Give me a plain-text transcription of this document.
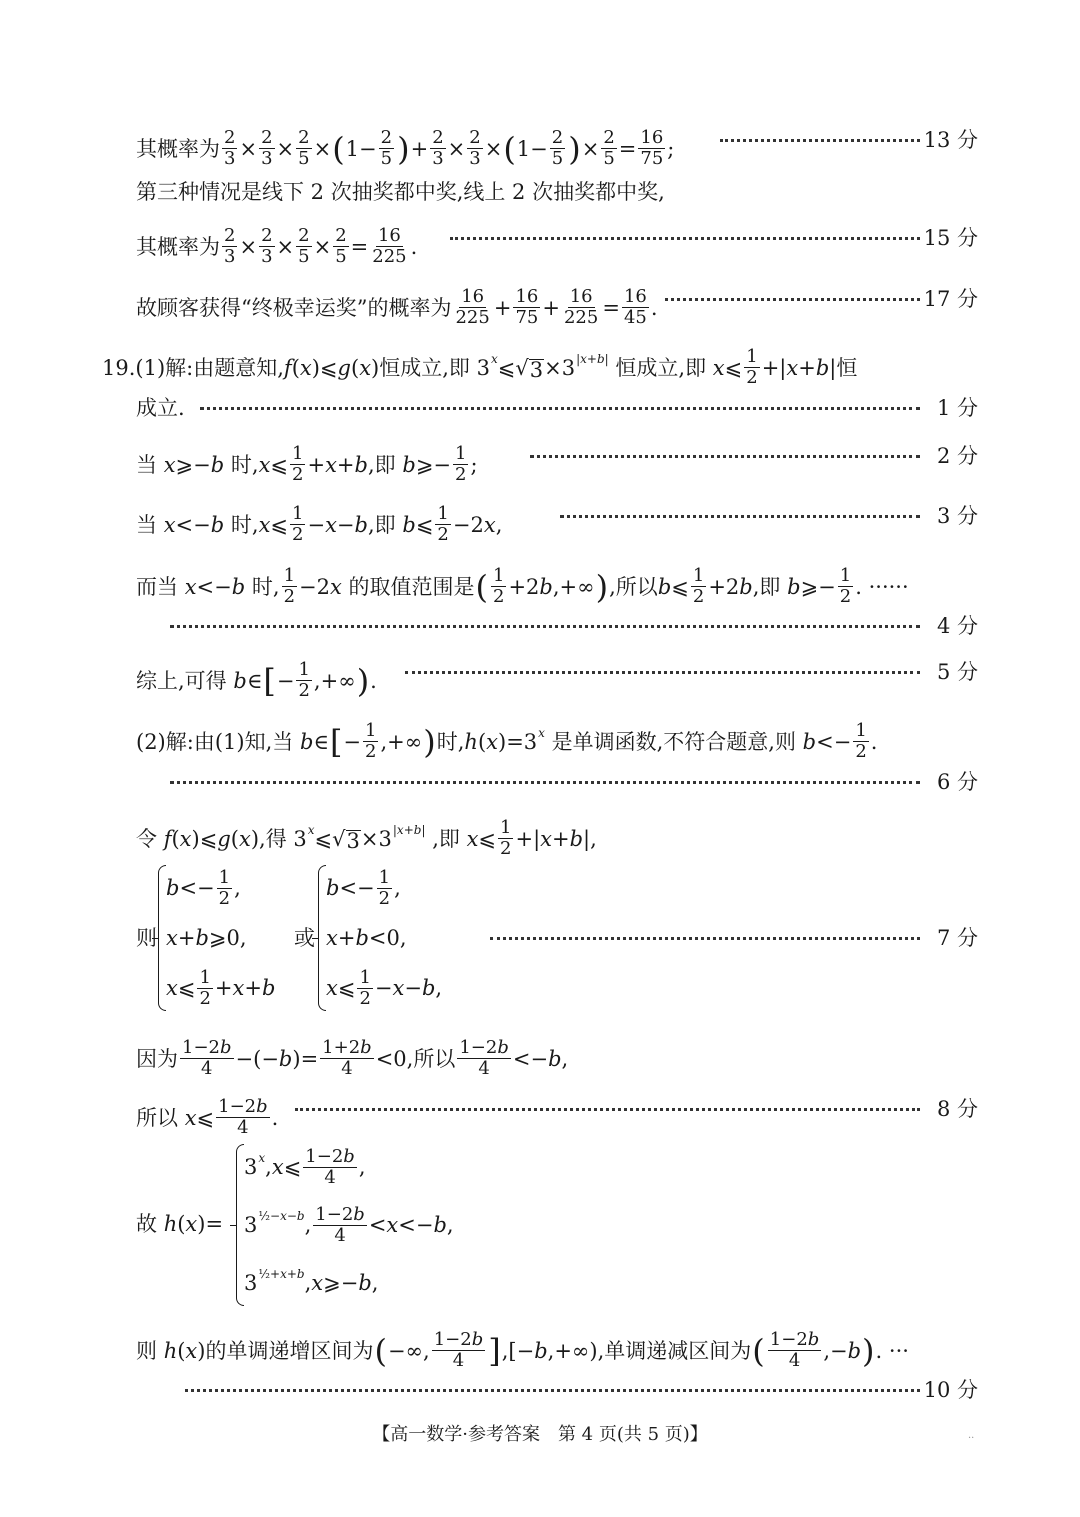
其概率为 $\frac{2}{3} \times \frac{2}{3} \times \frac{2}{5}$ × ( $1- \frac{2}{5}$ ) + $\frac{2}{3} \times \frac{2}{3}$ × ( $1- \frac{2}{5}$ ) × $\frac{2}{5} = \frac{16}{75}$ ;	13 分
第三种情况是线下 2 次抽奖都中奖,线上 2 次抽奖都中奖,
其概率为 $\frac{2}{3} \times \frac{2}{3} \times \frac{2}{5} \times \frac{2}{5} = \frac{16}{225}$ .	15 分
故顾客获得“终极幸运奖”的概率为 $\frac{16}{225} + \frac{16}{75} + \frac{16}{225} = \frac{16}{45}$ .	17 分
19. (1)解:由题意知, f ( x )⩽ g ( x ) 恒成立,即 3 x ⩽ √ 3 ×3 |x+b|
恒成立,即
x ⩽ $\frac{1}{2}$ +| x + b | 恒
成立.	1 分
当
x ⩾− b
时, x ⩽ $\frac{1}{2} + x + b$ ,即
b ⩾− $\frac{1}{2}$ ;	2 分
当
x <− b
时, x ⩽ $\frac{1}{2} - x - b$ ,即
b ⩽ $\frac{1}{2} -2$ x ,	3 分
而当
x <− b
时, $\frac{1}{2} -2$ x
的取值范围是 ( $\frac{1}{2} +2$ b ,+∞ ) ,所以 b ⩽ $\frac{1}{2} +2$ b ,即
b ⩾− $\frac{1}{2}$ . ······
4 分
综上,可得
b ∈ [ − $\frac{1}{2}$ ,+∞ ) .	5 分
(2)解:由(1)知,当
b ∈ [ − $\frac{1}{2}$ ,+∞ ) 时, h ( x )=3 x
是单调函数,不符合题意,则
$b <- \frac{1}{2}$ .
6 分
令
f ( x )⩽ g ( x ) ,得 3 x ⩽ √ 3 ×3 |x+b|
,即
x ⩽ $\frac{1}{2}$ +| x + b |,
则	或	7 分
$b <- \frac{1}{2}$ ,
x + b ⩾0,
x ⩽ $\frac{1}{2} + x + b$
$b <- \frac{1}{2}$ ,
x + b <0,
x ⩽ $\frac{1}{2} - x - b$ ,
因为 $\frac{1-2b}{4}$ −(− b )= $\frac{1+2b}{4} <0$ ,所以 $\frac{1-2b}{4} <- b$ ,
所以
x ⩽ $\frac{1-2b}{4}$ .	8 分
故
h ( x )=
3 x , x ⩽ $\frac{1-2b}{4}$ ,
3 ½−x−b , $\frac{1-2b}{4} < x <- b$ ,
3 ½+x+b , x ⩾− b ,
则
h ( x ) 的单调递增区间为 ( −∞, $\frac{1-2b}{4}$ ] ,[− b ,+∞), 单调递减区间为 ( $\frac{1-2b}{4}$ ,− b ) . ···
10 分
【高一数学·参考答案　第 4 页(共 5 页)】	··
